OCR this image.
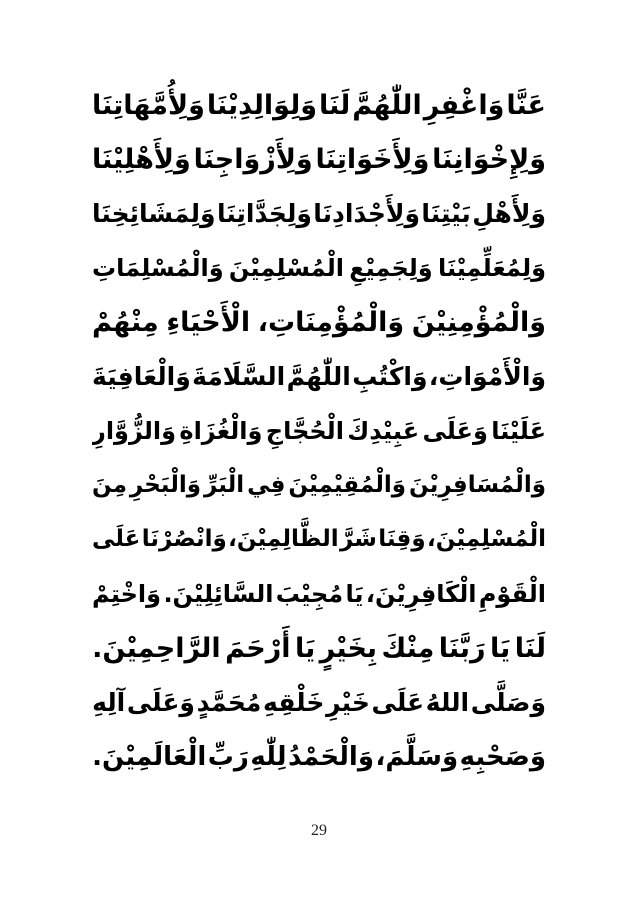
عَنَّا
وَاغْفِرِ
اللّٰهُمَّ
لَنَا
وَلِوَالِدِيْنَا
وَلِأُمَّهَاتِنَا
وَلِإِخْوَانِنَا
وَلِأَخَوَاتِنَا
وَلِأَزْوَاجِنَا
وَلِأَهْلِيْنَا
وَلِأَهْلِ
بَيْتِنَا
وَلِأَجْدَادِنَا
وَلِجَدَّاتِنَا
وَلِمَشَائِخِنَا
وَلِمُعَلِّمِيْنَا
وَلِجَمِيْعِ
الْمُسْلِمِيْنَ
وَالْمُسْلِمَاتِ
وَالْمُؤْمِنِيْنَ
وَالْمُؤْمِنَاتِ،
الْأَحْيَاءِ
مِنْهُمْ
وَالْأَمْوَاتِ،
وَاكْتُبِ
اللّٰهُمَّ
السَّلَامَةَ
وَالْعَافِيَةَ
عَلَيْنَا
وَعَلَى
عَبِيْدِكَ
الْحُجَّاجِ
وَالْغُزَاةِ
وَالزُّوَّارِ
وَالْمُسَافِرِيْنَ
وَالْمُقِيْمِيْنَ
فِي
الْبَرِّ
وَالْبَحْرِ
مِنَ
الْمُسْلِمِيْنَ،
وَقِنَا
شَرَّ
الظَّالِمِيْنَ،
وَانْصُرْنَا
عَلَى
الْقَوْمِ
الْكَافِرِيْنَ،
يَا
مُجِيْبَ
السَّائِلِيْنَ.
وَاخْتِمْ
لَنَا
يَا
رَبَّنَا
مِنْكَ
بِخَيْرٍ
يَا
أَرْحَمَ
الرَّاحِمِيْنَ.
وَصَلَّى
اللهُ
عَلَى
خَيْرِ
خَلْقِهِ
مُحَمَّدٍ
وَعَلَى
آلِهِ
وَصَحْبِهِ
وَسَلَّمَ،
وَالْحَمْدُ
لِلّٰهِ
رَبِّ
الْعَالَمِيْنَ.
29
